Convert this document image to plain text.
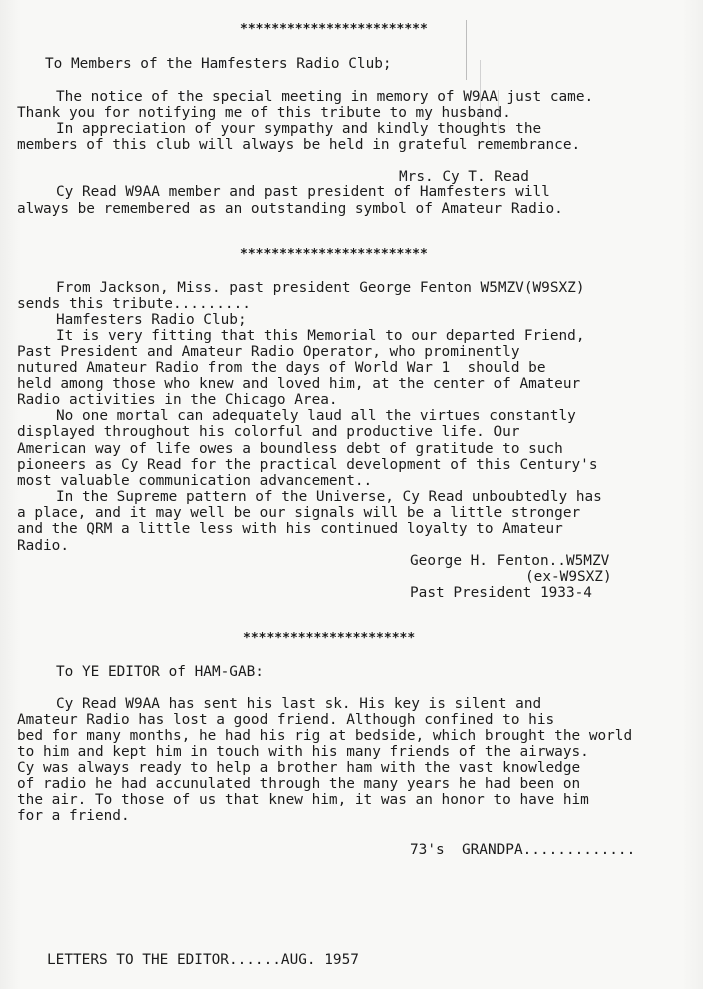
************************
To Members of the Hamfesters Radio Club;
The notice of the special meeting in memory of W9AA just came.
Thank you for notifying me of this tribute to my husband.
In appreciation of your sympathy and kindly thoughts the
members of this club will always be held in grateful remembrance.
Mrs. Cy T. Read
Cy Read W9AA member and past president of Hamfesters will
always be remembered as an outstanding symbol of Amateur Radio.
************************
From Jackson, Miss. past president George Fenton W5MZV(W9SXZ)
sends this tribute.........
Hamfesters Radio Club;
It is very fitting that this Memorial to our departed Friend,
Past President and Amateur Radio Operator, who prominently
nutured Amateur Radio from the days of World War 1  should be
held among those who knew and loved him, at the center of Amateur
Radio activities in the Chicago Area.
No one mortal can adequately laud all the virtues constantly
displayed throughout his colorful and productive life. Our
American way of life owes a boundless debt of gratitude to such
pioneers as Cy Read for the practical development of this Century's
most valuable communication advancement..
In the Supreme pattern of the Universe, Cy Read unboubtedly has
a place, and it may well be our signals will be a little stronger
and the QRM a little less with his continued loyalty to Amateur
Radio.
George H. Fenton..W5MZV
(ex-W9SXZ)
Past President 1933-4
**********************
To YE EDITOR of HAM-GAB:
Cy Read W9AA has sent his last sk. His key is silent and
Amateur Radio has lost a good friend. Although confined to his
bed for many months, he had his rig at bedside, which brought the world
to him and kept him in touch with his many friends of the airways.
Cy was always ready to help a brother ham with the vast knowledge
of radio he had accunulated through the many years he had been on
the air. To those of us that knew him, it was an honor to have him
for a friend.
73's  GRANDPA.............
LETTERS TO THE EDITOR......AUG. 1957
